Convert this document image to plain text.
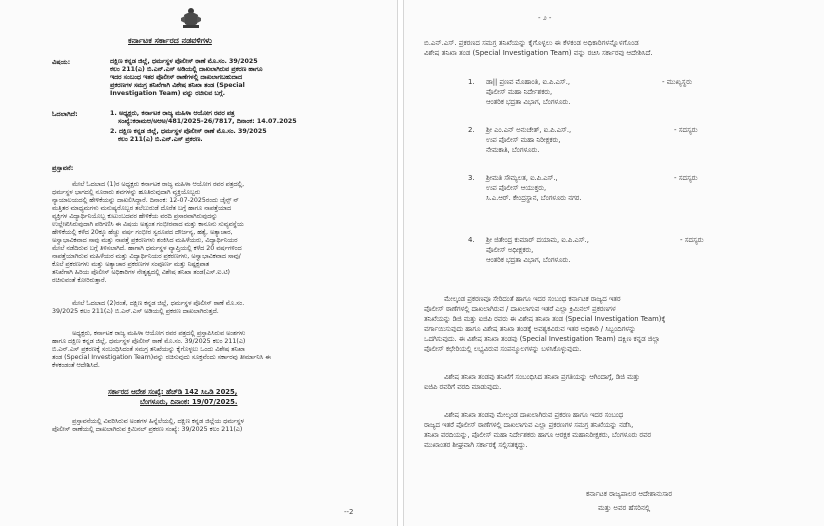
ಕರ್ನಾಟಕ ಸರ್ಕಾರದ ನಡವಳಿಗಳು
ವಿಷಯ:	ದಕ್ಷಿಣ ಕನ್ನಡ ಜಿಲ್ಲೆ, ಧರ್ಮಸ್ಥಳ ಪೊಲೀಸ್ ಠಾಣೆ ಮೊ.ಸಂ. 39/2025
ಕಲಂ 211(ಎ) ಬಿ.ಎನ್.ಎಸ್ ಅಡಿಯಲ್ಲಿ ದಾಖಲಾಗಿರುವ ಪ್ರಕರಣ ಹಾಗೂ
ಇದರ ಸಂಬಂಧ ಇತರ ಪೊಲೀಸ್ ಠಾಣೆಗಳಲ್ಲಿ ದಾಖಲಾಗಬಹುದಾದ
ಪ್ರಕರಣಗಳ ಸಮಗ್ರ ತನಿಖೆಗಾಗಿ ವಿಶೇಷ ತನಿಖಾ ತಂಡ (Special
Investigation Team) ವನ್ನು ರಚಿಸುವ ಬಗ್ಗೆ.
ಓದಲಾಗಿದೆ:	1. ಅಧ್ಯಕ್ಷರು, ಕರ್ನಾಟಕ ರಾಜ್ಯ ಮಹಿಳಾ ಆಯೋಗ ರವರ ಪತ್ರ
ಸಂಖ್ಯೆ:ಕರಾಮಆ/ಅಆಅ/481/2025-26/7817, ದಿನಾಂಕ: 14.07.2025
2. ದಕ್ಷಿಣ ಕನ್ನಡ ಜಿಲ್ಲೆ, ಧರ್ಮಸ್ಥಳ ಪೊಲೀಸ್ ಠಾಣೆ ಮೊ.ಸಂ. 39/2025
ಕಲಂ 211(ಎ) ಬಿ.ಎನ್.ಎಸ್ ಪ್ರಕರಣ.
ಪ್ರಸ್ತಾವನೆ:
ಮೇಲೆ ಓದಲಾದ (1)ರ ಅಧ್ಯಕ್ಷರು ಕರ್ನಾಟಕ ರಾಜ್ಯ ಮಹಿಳಾ ಆಯೋಗ ರವರ ಪತ್ರದಲ್ಲಿ,
ಧರ್ಮಸ್ಥಳ ಭಾಗದಲ್ಲಿ ನೂರಾರು ಶವಗಳನ್ನು ಹೂತಿರುವುದಾಗಿ ವ್ಯಕ್ತಿಯೊಬ್ಬರು
ನ್ಯಾಯಾಲಯದಲ್ಲಿ ಹೇಳಿಕೆಯನ್ನು ದಾಖಲಿಸಿದ್ದಾರೆ. ದಿನಾಂಕ: 12-07-2025ರಂದು ಜೈನ್ಸ್ ನ್
ಮತ್ತಿತರ ಮಾಧ್ಯಮಗಳು ಮನುಷ್ಯರೊಬ್ಬರ ತಲೆಬುರುಡೆ ದೊರೆತ ಬಗ್ಗೆ ಹಾಗೂ ನಾಪತ್ತೆಯಾದ
ವ್ಯಕ್ತಿಗಳ ವಿದ್ಯಾರ್ಥಿನಿಯೊಬ್ಬ ಕುಟುಂಬದವರ ಹೇಳಿಕೆಯ ವರದಿ ಪ್ರಸಾರವಾಗಿರುವುದನ್ನು
ಉಲ್ಲೇಖಿಸಿರುವುದಾಗಿ ಪರಿಗಣಿಸಿ ಈ ವಿಷಯ ಅತ್ಯಂತ ಗಂಭೀರವಾದ ಮತ್ತು ಕಾನೂನು ಸುವ್ಯವಸ್ಥೆಯ
ಹೇಳಿಕೆಯಲ್ಲಿ ಕಳೆದ 20ಕ್ಕೂ ಹೆಚ್ಚು ವರ್ಷ ಗಂಭೀರ ಸ್ವರೂಪದ ದೌರ್ಜನ್ಯ, ಹತ್ಯೆ, ಅತ್ಯಾಚಾರ,
ಅಸ್ವಾಭಾವಿಕವಾದ ಸಾವು ಮತ್ತು ನಾಪತ್ತೆ ಪ್ರಕರಣಗಳು ಶಂಕಿಸಿದ ಮಹಿಳೆಯರು, ವಿದ್ಯಾರ್ಥಿನಿಯರ
ಮೇಲೆ ನಡೆದಿರುವ ಬಗ್ಗೆ ತಿಳಿಸಲಾಗಿದೆ. ಹಾಗಾಗಿ ಧರ್ಮಸ್ಥಳ ವ್ಯಾಪ್ತಿಯಲ್ಲಿ ಕಳೆದ 20 ವರ್ಷಗಳಿಂದ
ನಾಪತ್ತೆಯಾಗಿರುವ ಮಹಿಳೆಯರ ಮತ್ತು ವಿದ್ಯಾರ್ಥಿನಿಯರ ಪ್ರಕರಣಗಳು, ಅಸ್ವಾಭಾವಿಕವಾದ ಸಾವು/
ಕೊಲೆ ಪ್ರಕರಣಗಳು ಮತ್ತು ಅತ್ಯಾಚಾರ ಪ್ರಕರಣಗಳ ಸಂಪೂರ್ಣ ಮತ್ತು ನಿಷ್ಪಕ್ಷಪಾತ
ತನಿಖೆಗಾಗಿ ಹಿರಿಯ ಪೊಲೀಸ್ ಅಧಿಕಾರಿಗಳ ನೇತೃತ್ವದಲ್ಲಿ ವಿಶೇಷ ತನಿಖಾ ತಂಡ(ಎಸ್.ಐ.ಟಿ)
ರಚಿಸುವಂತೆ ಕೋರಿರುತ್ತಾರೆ.
ಮೇಲೆ ಓದಲಾದ (2)ರಂತೆ, ದಕ್ಷಿಣ ಕನ್ನಡ ಜಿಲ್ಲೆ, ಧರ್ಮಸ್ಥಳ ಪೊಲೀಸ್ ಠಾಣೆ ಮೊ.ಸಂ.
39/2025 ಕಲಂ 211(ಎ) ಬಿ.ಎನ್.ಎಸ್ ಅಡಿಯಲ್ಲಿ ಪ್ರಕರಣ ದಾಖಲಾಗಿರುತ್ತದೆ.
ಅಧ್ಯಕ್ಷರು, ಕರ್ನಾಟಕ ರಾಜ್ಯ ಮಹಿಳಾ ಆಯೋಗ ರವರ ಪತ್ರದಲ್ಲಿ ಪ್ರಸ್ತಾಪಿಸಿರುವ ಅಂಶಗಳು
ಹಾಗೂ ದಕ್ಷಿಣ ಕನ್ನಡ ಜಿಲ್ಲೆ, ಧರ್ಮಸ್ಥಳ ಪೊಲೀಸ್ ಠಾಣೆ ಮೊ.ಸಂ. 39/2025 ಕಲಂ 211(ಎ)
ಬಿ.ಎನ್.ಎಸ್ ಪ್ರಕರಣಕ್ಕೆ ಸಂಬಂಧಿಸಿದಂತೆ ಸಮಗ್ರ ತನಿಖೆಯನ್ನು ಕೈಗೊಳ್ಳಲು ಒಂದು ವಿಶೇಷ ತನಿಖಾ
ತಂಡ (Special Investigation Team)ವನ್ನು ರಚಿಸುವುದು ಸೂಕ್ತವೆಂದು ಸರ್ಕಾರವು ತೀರ್ಮಾನಿಸಿ ಈ
ಕೆಳಕಂಡಂತೆ ಆದೇಶಿಸಿದೆ.
ಸರ್ಕಾರದ ಆದೇಶ ಸಂಖ್ಯೆ: ಹೆಚ್‌ಡಿ 142 ಸಿಒಡಿ 2025,
ಬೆಂಗಳೂರು, ದಿನಾಂಕ: 19/07/2025.
ಪ್ರಸ್ತಾವನೆಯಲ್ಲಿ ವಿವರಿಸಿರುವ ಅಂಶಗಳ ಹಿನ್ನೆಲೆಯಲ್ಲಿ, ದಕ್ಷಿಣ ಕನ್ನಡ ಜಿಲ್ಲೆಯ ಧರ್ಮಸ್ಥಳ
ಪೊಲೀಸ್ ಠಾಣೆಯಲ್ಲಿ ದಾಖಲಾಗಿರುವ ಕ್ರಿಮಿನಲ್ ಪ್ರಕರಣ ಸಂಖ್ಯೆ: 39/2025 ಕಲಂ 211(ಎ)
--2
- ೨ -
ಬಿ.ಎನ್.ಎಸ್. ಪ್ರಕರಣದ ಸಮಗ್ರ ತನಿಖೆಯನ್ನು ಕೈಗೊಳ್ಳಲು ಈ ಕೆಳಕಂಡ ಅಧಿಕಾರಿಗಳನ್ನೊಳಗೊಂಡ
ವಿಶೇಷ ತನಿಖಾ ತಂಡ (Special Investigation Team) ವನ್ನು ರಚಿಸಿ ಸರ್ಕಾರವು ಆದೇಶಿಸಿದೆ.
1. ಡಾ|| ಪ್ರಣವ ಮೊಹಾಂತಿ, ಐ.ಪಿ.ಎಸ್.,
ಪೊಲೀಸ್ ಮಹಾ ನಿರ್ದೇಶಕರು,
ಆಂತರಿಕ ಭದ್ರತಾ ವಿಭಾಗ, ಬೆಂಗಳೂರು.
- ಮುಖ್ಯಸ್ಥರು
2. ಶ್ರೀ ಎಂ.ಎನ್ ಅನುಚೇತ್, ಐ.ಪಿ.ಎಸ್.,
ಉಪ ಪೊಲೀಸ್ ಮಹಾ ನಿರೀಕ್ಷಕರು,
ನೇಮಕಾತಿ, ಬೆಂಗಳೂರು.
- ಸದಸ್ಯರು
3. ಶ್ರೀಮತಿ ಸೌಮ್ಯಲತ, ಐ.ಪಿ.ಎಸ್.,
ಉಪ ಪೊಲೀಸ್ ಆಯುಕ್ತರು,
ಸಿ.ಎ.ಆರ್. ಕೇಂದ್ರಸ್ಥಾನ, ಬೆಂಗಳೂರು ನಗರ.
- ಸದಸ್ಯರು
4. ಶ್ರೀ ಜಿತೇಂದ್ರ ಕುಮಾರ್ ದಯಾಮ, ಐ.ಪಿ.ಎಸ್.,
ಪೊಲೀಸ್ ಅಧೀಕ್ಷಕರು,
ಆಂತರಿಕ ಭದ್ರತಾ ವಿಭಾಗ, ಬೆಂಗಳೂರು.
- ಸದಸ್ಯರು
ಮೇಲ್ಕಂಡ ಪ್ರಕರಣವೂ ಸೇರಿದಂತೆ ಹಾಗೂ ಇದರ ಸಂಬಂಧ ಕರ್ನಾಟಕ ರಾಜ್ಯದ ಇತರ
ಪೊಲೀಸ್ ಠಾಣೆಗಳಲ್ಲಿ ದಾಖಲಾಗಿರುವ / ದಾಖಲಾಗುವ ಇತರೆ ಎಲ್ಲಾ ಕ್ರಿಮಿನಲ್ ಪ್ರಕರಣಗಳ
ತನಿಖೆಯನ್ನು ಡಿಜಿ ಮತ್ತು ಐಜಿಪಿ ರವರು ಈ ವಿಶೇಷ ತನಿಖಾ ತಂಡ (Special Investigation Team)ಕ್ಕೆ
ವರ್ಗಾಯಿಸುವುದು ಹಾಗೂ ವಿಶೇಷ ತನಿಖಾ ತಂಡಕ್ಕೆ ಅವಶ್ಯಕವಿರುವ ಇತರ ಅಧಿಕಾರಿ / ಸಿಬ್ಬಂದಿಗಳನ್ನು
ಒದಗಿಸುವುದು. ಈ ವಿಶೇಷ ತನಿಖಾ ತಂಡವು (Special Investigation Team) ದಕ್ಷಿಣ ಕನ್ನಡ ಜಿಲ್ಲಾ
ಪೊಲೀಸ್ ಕಛೇರಿಯಲ್ಲಿ ಲಭ್ಯವಿರುವ ಸಂಪನ್ಮೂಲಗಳನ್ನು ಬಳಸಿಕೊಳ್ಳುವುದು.
ವಿಶೇಷ ತನಿಖಾ ತಂಡವು ತನಿಖೆಗೆ ಸಂಬಂಧಿಸಿದ ತನಿಖಾ ಪ್ರಗತಿಯನ್ನು ಆಗಿಂದಾಗ್ಗೆ, ಡಿಜಿ ಮತ್ತು
ಐಜಿಪಿ ರವರಿಗೆ ವರದಿ ಮಾಡುವುದು.
ವಿಶೇಷ ತನಿಖಾ ತಂಡವು ಮೇಲ್ಕಂಡ ದಾಖಲಾಗಿರುವ ಪ್ರಕರಣ ಹಾಗೂ ಇದರ ಸಂಬಂಧ
ರಾಜ್ಯದ ಇತರೆ ಪೊಲೀಸ್ ಠಾಣೆಗಳಲ್ಲಿ ದಾಖಲಾಗುವ ಎಲ್ಲಾ ಪ್ರಕರಣಗಳ ಸಮಗ್ರ ತನಿಖೆಯನ್ನು ನಡೆಸಿ,
ತನಿಖಾ ವರದಿಯನ್ನು, ಪೊಲೀಸ್ ಮಹಾ ನಿರ್ದೇಶಕರು ಹಾಗೂ ಆರಕ್ಷಕ ಮಹಾನಿರೀಕ್ಷಕರು, ಬೆಂಗಳೂರು ರವರ
ಮುಖಾಂತರ ಶೀಘ್ರವಾಗಿ ಸರ್ಕಾರಕ್ಕೆ ಸಲ್ಲಿಸತಕ್ಕದ್ದು.
ಕರ್ನಾಟಕ ರಾಜ್ಯಪಾಲರ ಆದೇಶಾನುಸಾರ
ಮತ್ತು ಅವರ ಹೆಸರಿನಲ್ಲಿ
